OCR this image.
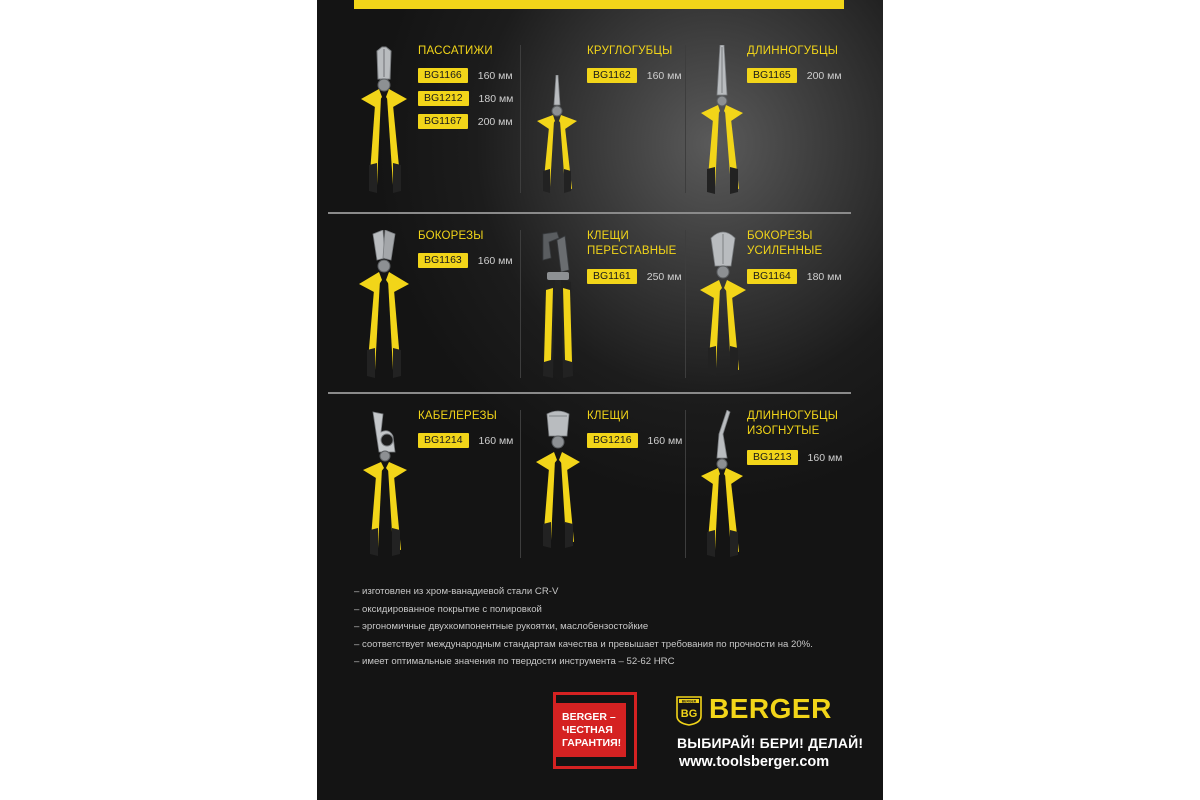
ПАССАТИЖИ
BG1166	160 мм
BG1212	180 мм
BG1167	200 мм
КРУГЛОГУБЦЫ
BG1162	160 мм
ДЛИННОГУБЦЫ
BG1165	200 мм
БОКОРЕЗЫ
BG1163	160 мм
КЛЕЩИ
ПЕРЕСТАВНЫЕ
BG1161	250 мм
БОКОРЕЗЫ
УСИЛЕННЫЕ
BG1164	180 мм
КАБЕЛЕРЕЗЫ
BG1214	160 мм
КЛЕЩИ
BG1216	160 мм
ДЛИННОГУБЦЫ
ИЗОГНУТЫЕ
BG1213	160 мм
– изготовлен из хром-ванадиевой стали CR-V
– оксидированное покрытие с полировкой
– эргономичные двухкомпонентные рукоятки, маслобензостойкие
– соответствует международным стандартам качества и превышает требования по прочности на 20%.
– имеет оптимальные значения по твердости инструмента – 52-62 HRC
BERGER –
ЧЕСТНАЯ
ГАРАНТИЯ!
BERGER
BG BERGER
ВЫБИРАЙ! БЕРИ! ДЕЛАЙ!
www.toolsberger.com
